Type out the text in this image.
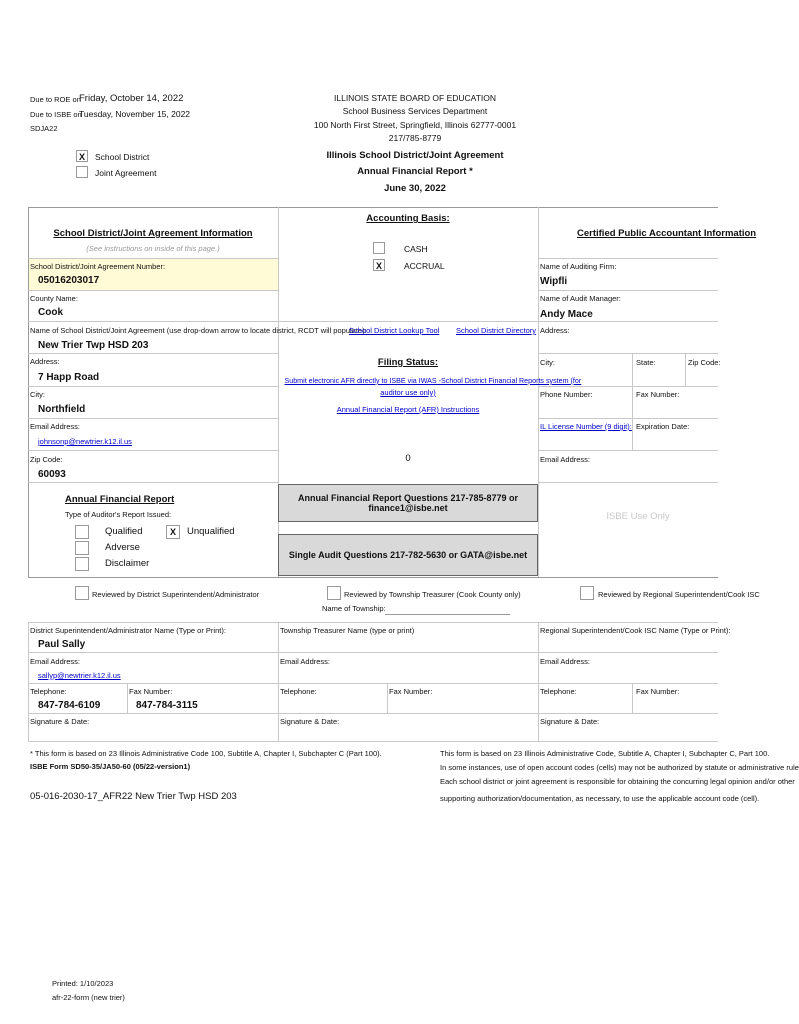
Due to ROE on
Friday, October 14, 2022
Due to ISBE on
Tuesday, November 15, 2022
SDJA22
X	School District
Joint Agreement
ILLINOIS STATE BOARD OF EDUCATION
School Business Services Department
100 North First Street, Springfield, Illinois 62777-0001
217/785-8779
Illinois School District/Joint Agreement
Annual Financial Report *
June 30, 2022
School District/Joint Agreement Information
(See instructions on inside of this page.)
School District/Joint Agreement Number:
05016203017
County Name:
Cook
Name of School District/Joint Agreement (use drop-down arrow to locate district, RCDT will populate):
School District Lookup Tool School District Directory
New Trier Twp HSD 203
Address:
7 Happ Road
City:
Northfield
Email Address:
johnsonp@newtrier.k12.il.us
Zip Code:
60093
Accounting Basis:
CASH
X	ACCRUAL
Filing Status:
Submit electronic AFR directly to ISBE via IWAS -School District Financial Reports system (for
auditor use only)
Annual Financial Report (AFR) Instructions
0
Certified Public Accountant Information
Name of Auditing Firm:
Wipfli
Name of Audit Manager:
Andy Mace
Address:
City:	State:	Zip Code:
Phone Number:	Fax Number:
IL License Number (9 digit): Expiration Date:
Email Address:
Annual Financial Report
Type of Auditor's Report Issued:
Qualified	X	Unqualified
Adverse
Disclaimer
Annual Financial Report Questions 217-785-8779 or finance1@isbe.net
Single Audit Questions 217-782-5630 or GATA@isbe.net
ISBE Use Only
Reviewed by District Superintendent/Administrator	Reviewed by Township Treasurer (Cook County only)
Name of Township:
Reviewed by Regional Superintendent/Cook ISC
District Superintendent/Administrator Name (Type or Print):
Paul Sally
Email Address:
sallyp@newtrier.k12.il.us
Telephone:
847-784-6109
Fax Number:
847-784-3115
Signature & Date:
Township Treasurer Name (type or print)
Email Address:
Telephone:	Fax Number:
Signature & Date:
Regional Superintendent/Cook ISC Name (Type or Print):
Email Address:
Telephone:	Fax Number:
Signature & Date:
* This form is based on 23 Illinois Administrative Code 100, Subtitle A, Chapter I, Subchapter C (Part 100).
ISBE Form SD50-35/JA50-60 (05/22-version1)
05-016-2030-17_AFR22 New Trier Twp HSD 203
This form is based on 23 Illinois Administrative Code, Subtitle A, Chapter I, Subchapter C, Part 100.
In some instances, use of open account codes (cells) may not be authorized by statute or administrative rule
Each school district or joint agreement is responsible for obtaining the concurring legal opinion and/or other
supporting authorization/documentation, as necessary, to use the applicable account code (cell).
Printed: 1/10/2023
afr-22-form (new trier)
